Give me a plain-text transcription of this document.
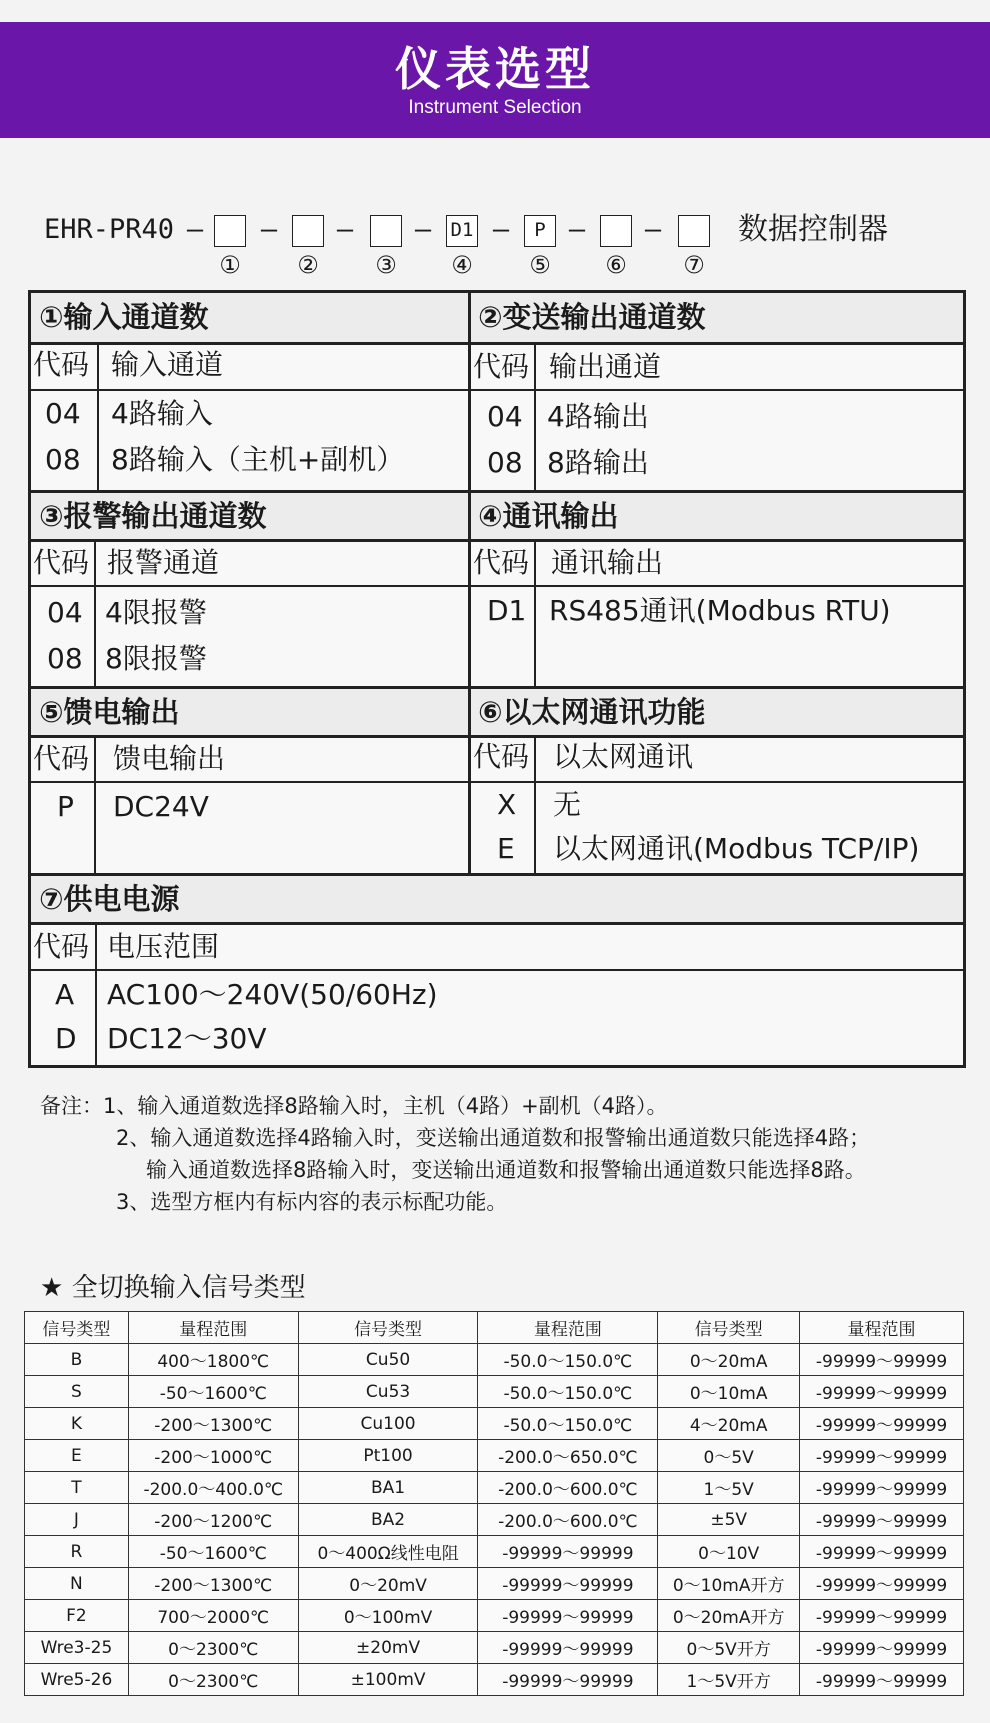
仪表选型
Instrument Selection
EHR-PR40 — — — — D1 —	P — —	数据控制器
① ② ③ ④ ⑤ ⑥ ⑦
①输入通道数
代码 输入通道
04 4路输入
08 8路输入（主机+副机）
②变送输出通道数
代码 输出通道
04 4路输出
08 8路输出
③报警输出通道数
代码 报警通道
04 4限报警
08 8限报警
④通讯输出
代码 通讯输出
D1 RS485通讯(Modbus RTU)
⑤馈电输出
代码 馈电输出
P DC24V
⑥以太网通讯功能
代码 以太网通讯
X 无
E 以太网通讯(Modbus TCP/IP)
⑦供电电源
代码 电压范围
A AC100～240V(50/60Hz)
D DC12～30V
备注：1、输入通道数选择8路输入时，主机（4路）+副机（4路）。
2、输入通道数选择4路输入时，变送输出通道数和报警输出通道数只能选择4路；
输入通道数选择8路输入时，变送输出通道数和报警输出通道数只能选择8路。
3、选型方框内有标内容的表示标配功能。
★ 全切换输入信号类型
信号类型	量程范围	信号类型	量程范围	信号类型	量程范围
B	400～1800℃	Cu50	-50.0～150.0℃	0～20mA	-99999～99999
S	-50～1600℃	Cu53	-50.0～150.0℃	0～10mA	-99999～99999
K	-200～1300℃	Cu100	-50.0～150.0℃	4～20mA	-99999～99999
E	-200～1000℃	Pt100	-200.0～650.0℃	0～5V	-99999～99999
T	-200.0～400.0℃	BA1	-200.0～600.0℃	1～5V	-99999～99999
J	-200～1200℃	BA2	-200.0～600.0℃	±5V	-99999～99999
R	-50～1600℃	0～400Ω线性电阻	-99999～99999	0～10V	-99999～99999
N	-200～1300℃	0～20mV	-99999～99999	0～10mA开方	-99999～99999
F2	700～2000℃	0～100mV	-99999～99999	0～20mA开方	-99999～99999
Wre3-25	0～2300℃	±20mV	-99999～99999	0～5V开方	-99999～99999
Wre5-26	0～2300℃	±100mV	-99999～99999	1～5V开方	-99999～99999
